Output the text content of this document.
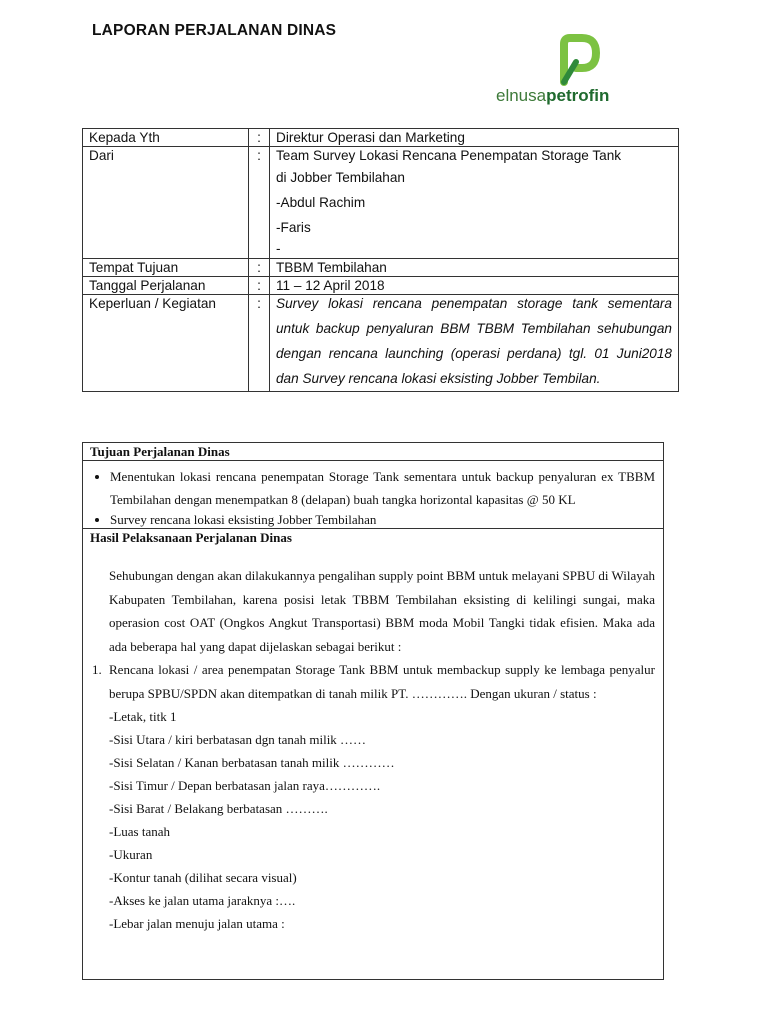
LAPORAN PERJALANAN DINAS
elnusapetrofin
Kepada Yth	:	Direktur Operasi dan Marketing
Dari	:	Team Survey Lokasi Rencana Penempatan Storage Tank
di Jobber Tembilahan
-Abdul Rachim
-Faris
-

Tempat Tujuan	:	TBBM Tembilahan
Tanggal Perjalanan	:	11 – 12 April 2018
Keperluan / Kegiatan	:	Survey lokasi rencana penempatan storage tank sementara untuk backup penyaluran BBM TBBM Tembilahan sehubungan dengan rencana launching (operasi perdana) tgl. 01 Juni2018 dan Survey rencana lokasi eksisting Jobber Tembilan.
Tujuan Perjalanan Dinas
• Menentukan lokasi rencana penempatan Storage Tank sementara untuk backup penyaluran ex TBBM Tembilahan dengan menempatkan 8 (delapan) buah tangka horizontal kapasitas @ 50 KL
• Survey rencana lokasi eksisting Jobber Tembilahan
Hasil Pelaksanaan Perjalanan Dinas
Sehubungan dengan akan dilakukannya pengalihan supply point BBM untuk melayani SPBU di Wilayah Kabupaten Tembilahan, karena posisi letak TBBM Tembilahan eksisting di kelilingi sungai, maka operasion cost OAT (Ongkos Angkut Transportasi) BBM moda Mobil Tangki tidak efisien. Maka ada ada beberapa hal yang dapat dijelaskan sebagai berikut :
1. Rencana lokasi / area penempatan Storage Tank BBM untuk membackup supply ke lembaga penyalur berupa SPBU/SPDN akan ditempatkan di tanah milik PT. …………. Dengan ukuran / status :
-Letak, titk 1
-Sisi Utara / kiri berbatasan dgn tanah milik ……
-Sisi Selatan / Kanan berbatasan tanah milik …………
-Sisi Timur / Depan berbatasan jalan raya………….
-Sisi Barat / Belakang berbatasan ……….
-Luas tanah
-Ukuran
-Kontur tanah (dilihat secara visual)
-Akses ke jalan utama jaraknya :….
-Lebar jalan menuju jalan utama :
